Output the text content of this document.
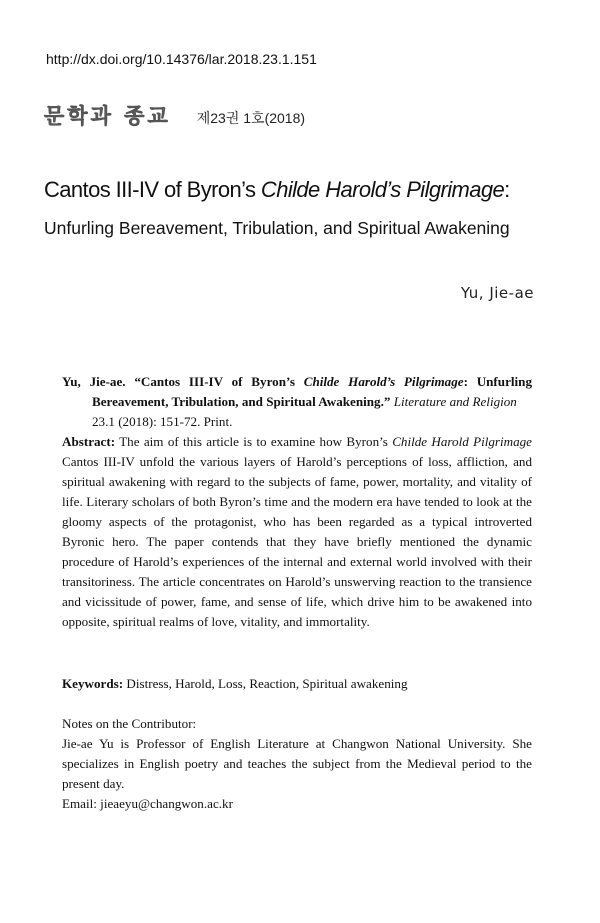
http://dx.doi.org/10.14376/lar.2018.23.1.151
문학과 종교 제23권 1호(2018)
Cantos III-IV of Byron’s Childe Harold’s Pilgrimage:
Unfurling Bereavement, Tribulation, and Spiritual Awakening
Yu, Jie-ae
Yu, Jie-ae. “Cantos III-IV of Byron’s Childe Harold’s Pilgrimage: Unfurling
Bereavement, Tribulation, and Spiritual Awakening.” Literature and Religion
23.1 (2018): 151-72. Print.
Abstract: The aim of this article is to examine how Byron’s Childe Harold Pilgrimage Cantos III-IV unfold the various layers of Harold’s perceptions of loss, affliction, and spiritual awakening with regard to the subjects of fame, power, mortality, and vitality of life. Literary scholars of both Byron’s time and the modern era have tended to look at the gloomy aspects of the protagonist, who has been regarded as a typical introverted Byronic hero. The paper contends that they have briefly mentioned the dynamic procedure of Harold’s experiences of the internal and external world involved with their transitoriness. The article concentrates on Harold’s unswerving reaction to the transience and vicissitude of power, fame, and sense of life, which drive him to be awakened into opposite, spiritual realms of love, vitality, and immortality.
Keywords: Distress, Harold, Loss, Reaction, Spiritual awakening
Notes on the Contributor:
Jie-ae Yu is Professor of English Literature at Changwon National University. She specializes in English poetry and teaches the subject from the Medieval period to the present day.
Email: jieaeyu@changwon.ac.kr
